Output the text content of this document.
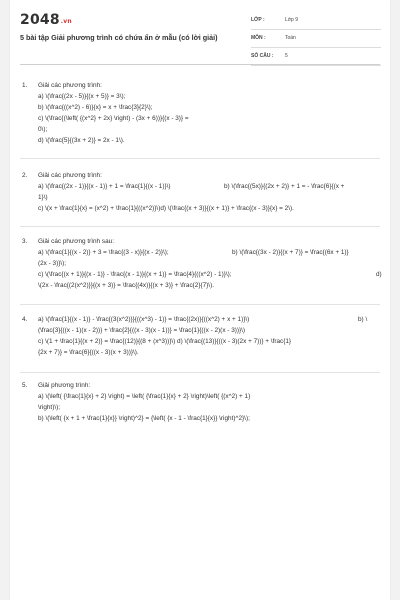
2048.vn
5 bài tập Giải phương trình có chứa ẩn ở mẫu (có lời giải)
LỚP :	Lớp 9
MÔN :	Toán
SỐ CÂU : 5
1. Giải các phương trình:
a) \(\frac{(2x - 5)}{(x + 5)} = 3\);
b) \(\frac{((x^2) - 6)}{x} = x + \frac{3}{2}\);
c) \(\frac{(\left( {(x^2} + 2x} \right) - (3x + 6))}{(x - 3)} =
0\);
d) \(\frac{5}{(3x + 2)} = 2x - 1\).
2. Giải các phương trình:
a) \(\frac{(2x - 1)}{(x - 1)} + 1 = \frac{1}{(x - 1)}\)
1}\)
c) \(x + \frac{1}{x} = (x^2) + \frac{1}{((x^2)}\)d) \(\frac{(x + 3)}{(x + 1)} + \frac{(x - 3)}{x} = 2\).
b) \(\frac{(5x)}{(2x + 2)} + 1 = - \frac{6}{(x +
3. Giải các phương trình sau:
a) \(\frac{1}{(x - 2)} + 3 = \frac{(3 - x)}{(x - 2)}\);
(2x - 3)}\);
c) \(\frac{(x + 1)}{(x - 1)} - \frac{(x - 1)}{(x + 1)} = \frac{4}{((x^2) - 1)}\);
\(2x - \frac{(2(x^2)}}{(x + 3)} = \frac{(4x)}{(x + 3)} + \frac{2}{7}\).
b) \(\frac{(3x - 2)}{(x + 7)} = \frac{(6x + 1)}
d)
4. a) \(\frac{1}{(x - 1)} - \frac{(3(x^2)}}{((x^3) - 1)} = \frac{(2x)}{((x^2) + x + 1)}\)
(\frac{3}{((x - 1)(x - 2))} + \frac{2}{((x - 3)(x - 1))} = \frac{1}{((x - 2)(x - 3))}\)
c) \(1 + \frac{1}{(x + 2)} = \frac{(12)}{(8 + (x^3))}\) d) \(\frac{(13)}{((x - 3)(2x + 7))} + \frac{1}
{2x + 7)} = \frac{6}{((x - 3)(x + 3))}\).
b) \
5. Giải phương trình:
a) \(\left( {\frac{1}{x} + 2} \right) = \left( {\frac{1}{x} + 2} \right)\left( {(x^2) + 1}
\right)\);
b) \(\left( {x + 1 + \frac{1}{x}} \right)^2} = {\left( {x - 1 - \frac{1}{x}} \right)^2}\);
